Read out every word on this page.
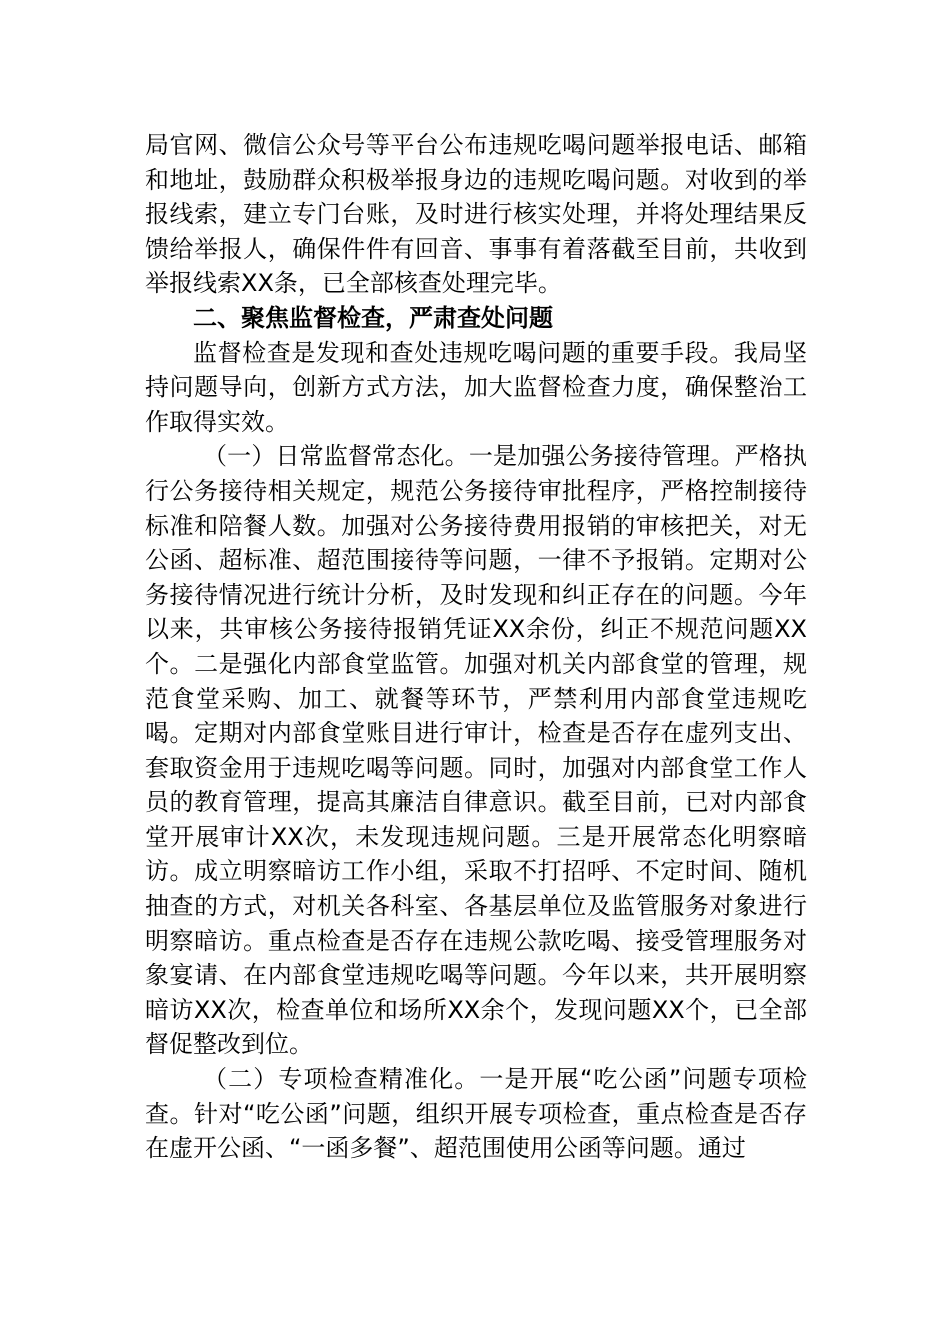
局官网、微信公众号等平台公布违规吃喝问题举报电话、邮箱和地址，鼓励群众积极举报身边的违规吃喝问题。对收到的举报线索，建立专门台账，及时进行核实处理，并将处理结果反馈给举报人，确保件件有回音、事事有着落截至目前，共收到举报线索XX条，已全部核查处理完毕。

二、聚焦监督检查，严肃查处问题

监督检查是发现和查处违规吃喝问题的重要手段。我局坚持问题导向，创新方式方法，加大监督检查力度，确保整治工作取得实效。

（一）日常监督常态化。一是加强公务接待管理。严格执行公务接待相关规定，规范公务接待审批程序，严格控制接待标准和陪餐人数。加强对公务接待费用报销的审核把关，对无公函、超标准、超范围接待等问题，一律不予报销。定期对公务接待情况进行统计分析，及时发现和纠正存在的问题。今年以来，共审核公务接待报销凭证XX余份，纠正不规范问题XX个。二是强化内部食堂监管。加强对机关内部食堂的管理，规范食堂采购、加工、就餐等环节，严禁利用内部食堂违规吃喝。定期对内部食堂账目进行审计，检查是否存在虚列支出、套取资金用于违规吃喝等问题。同时，加强对内部食堂工作人员的教育管理，提高其廉洁自律意识。截至目前，已对内部食堂开展审计XX次，未发现违规问题。三是开展常态化明察暗访。成立明察暗访工作小组，采取不打招呼、不定时间、随机抽查的方式，对机关各科室、各基层单位及监管服务对象进行明察暗访。重点检查是否存在违规公款吃喝、接受管理服务对象宴请、在内部食堂违规吃喝等问题。今年以来，共开展明察暗访XX次，检查单位和场所XX余个，发现问题XX个，已全部督促整改到位。

（二）专项检查精准化。一是开展“吃公函”问题专项检查。针对“吃公函”问题，组织开展专项检查，重点检查是否存在虚开公函、“一函多餐”、超范围使用公函等问题。通过
